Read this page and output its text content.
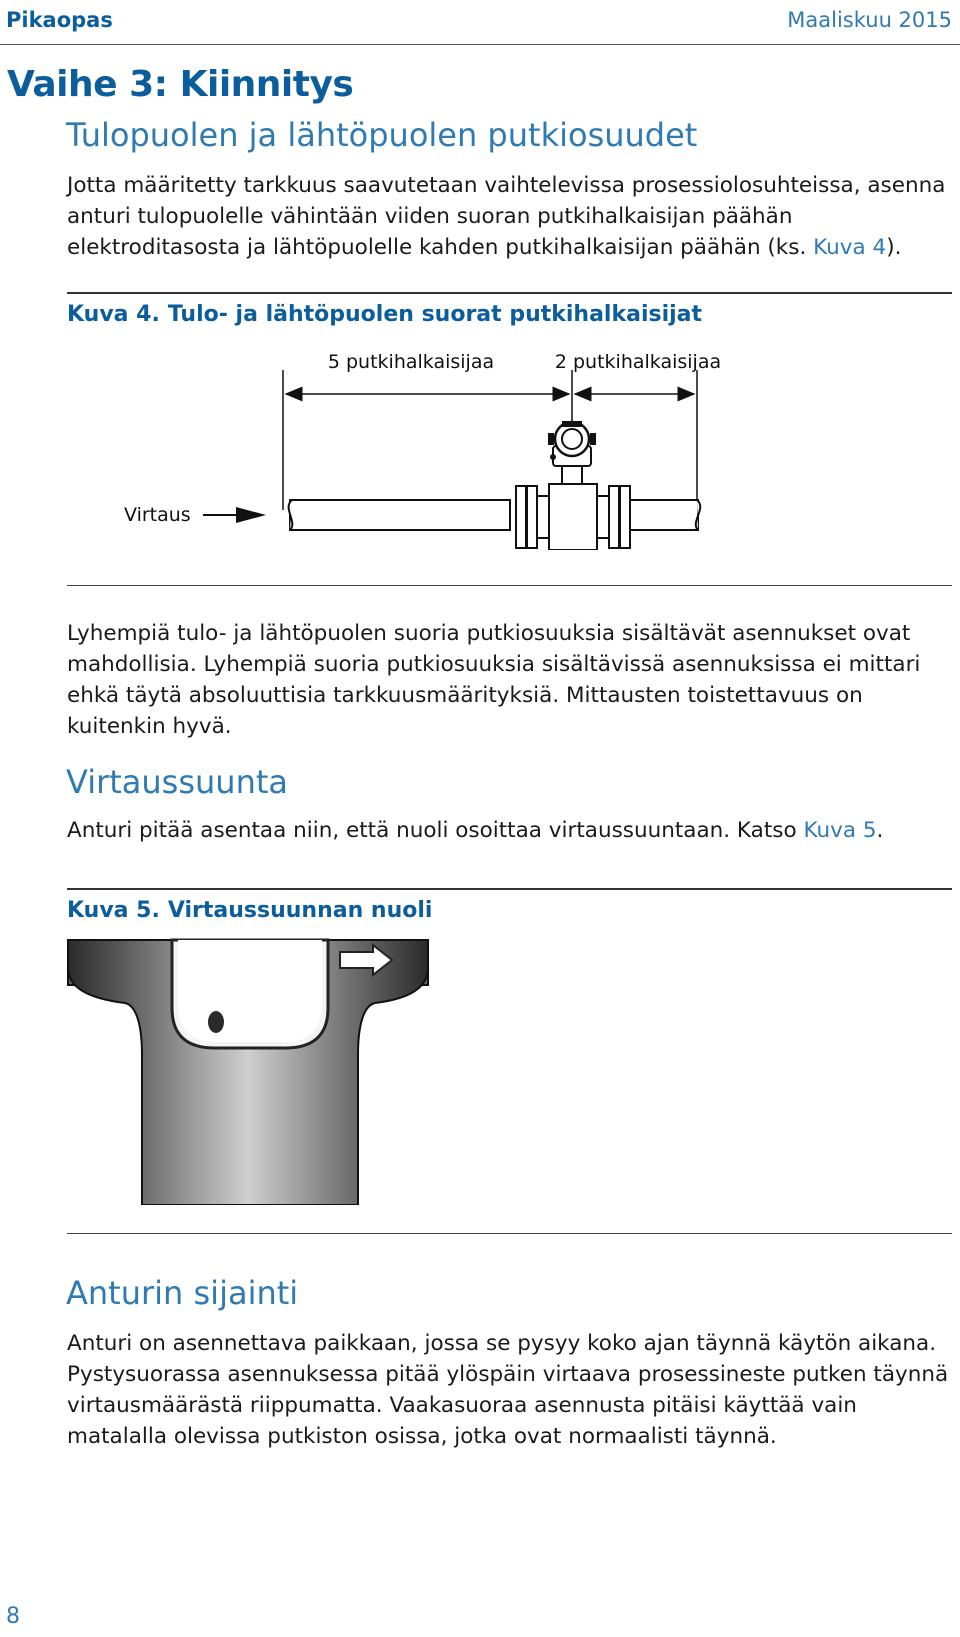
Pikaopas	Maaliskuu 2015
Vaihe 3: Kiinnitys
Tulopuolen ja lähtöpuolen putkiosuudet
Jotta määritetty tarkkuus saavutetaan vaihtelevissa prosessiolosuhteissa, asenna anturi tulopuolelle vähintään viiden suoran putkihalkaisijan päähän elektroditasosta ja lähtöpuolelle kahden putkihalkaisijan päähän (ks. Kuva 4).
Kuva 4. Tulo- ja lähtöpuolen suorat putkihalkaisijat
5 putkihalkaisijaa	2 putkihalkaisijaa
Virtaus
Lyhempiä tulo- ja lähtöpuolen suoria putkiosuuksia sisältävät asennukset ovat mahdollisia. Lyhempiä suoria putkiosuuksia sisältävissä asennuksissa ei mittari ehkä täytä absoluuttisia tarkkuusmäärityksiä. Mittausten toistettavuus on kuitenkin hyvä.
Virtaussuunta
Anturi pitää asentaa niin, että nuoli osoittaa virtaussuuntaan. Katso Kuva 5.
Kuva 5. Virtaussuunnan nuoli
Anturin sijainti
Anturi on asennettava paikkaan, jossa se pysyy koko ajan täynnä käytön aikana. Pystysuorassa asennuksessa pitää ylöspäin virtaava prosessineste putken täynnä virtausmäärästä riippumatta. Vaakasuoraa asennusta pitäisi käyttää vain matalalla olevissa putkiston osissa, jotka ovat normaalisti täynnä.
8
